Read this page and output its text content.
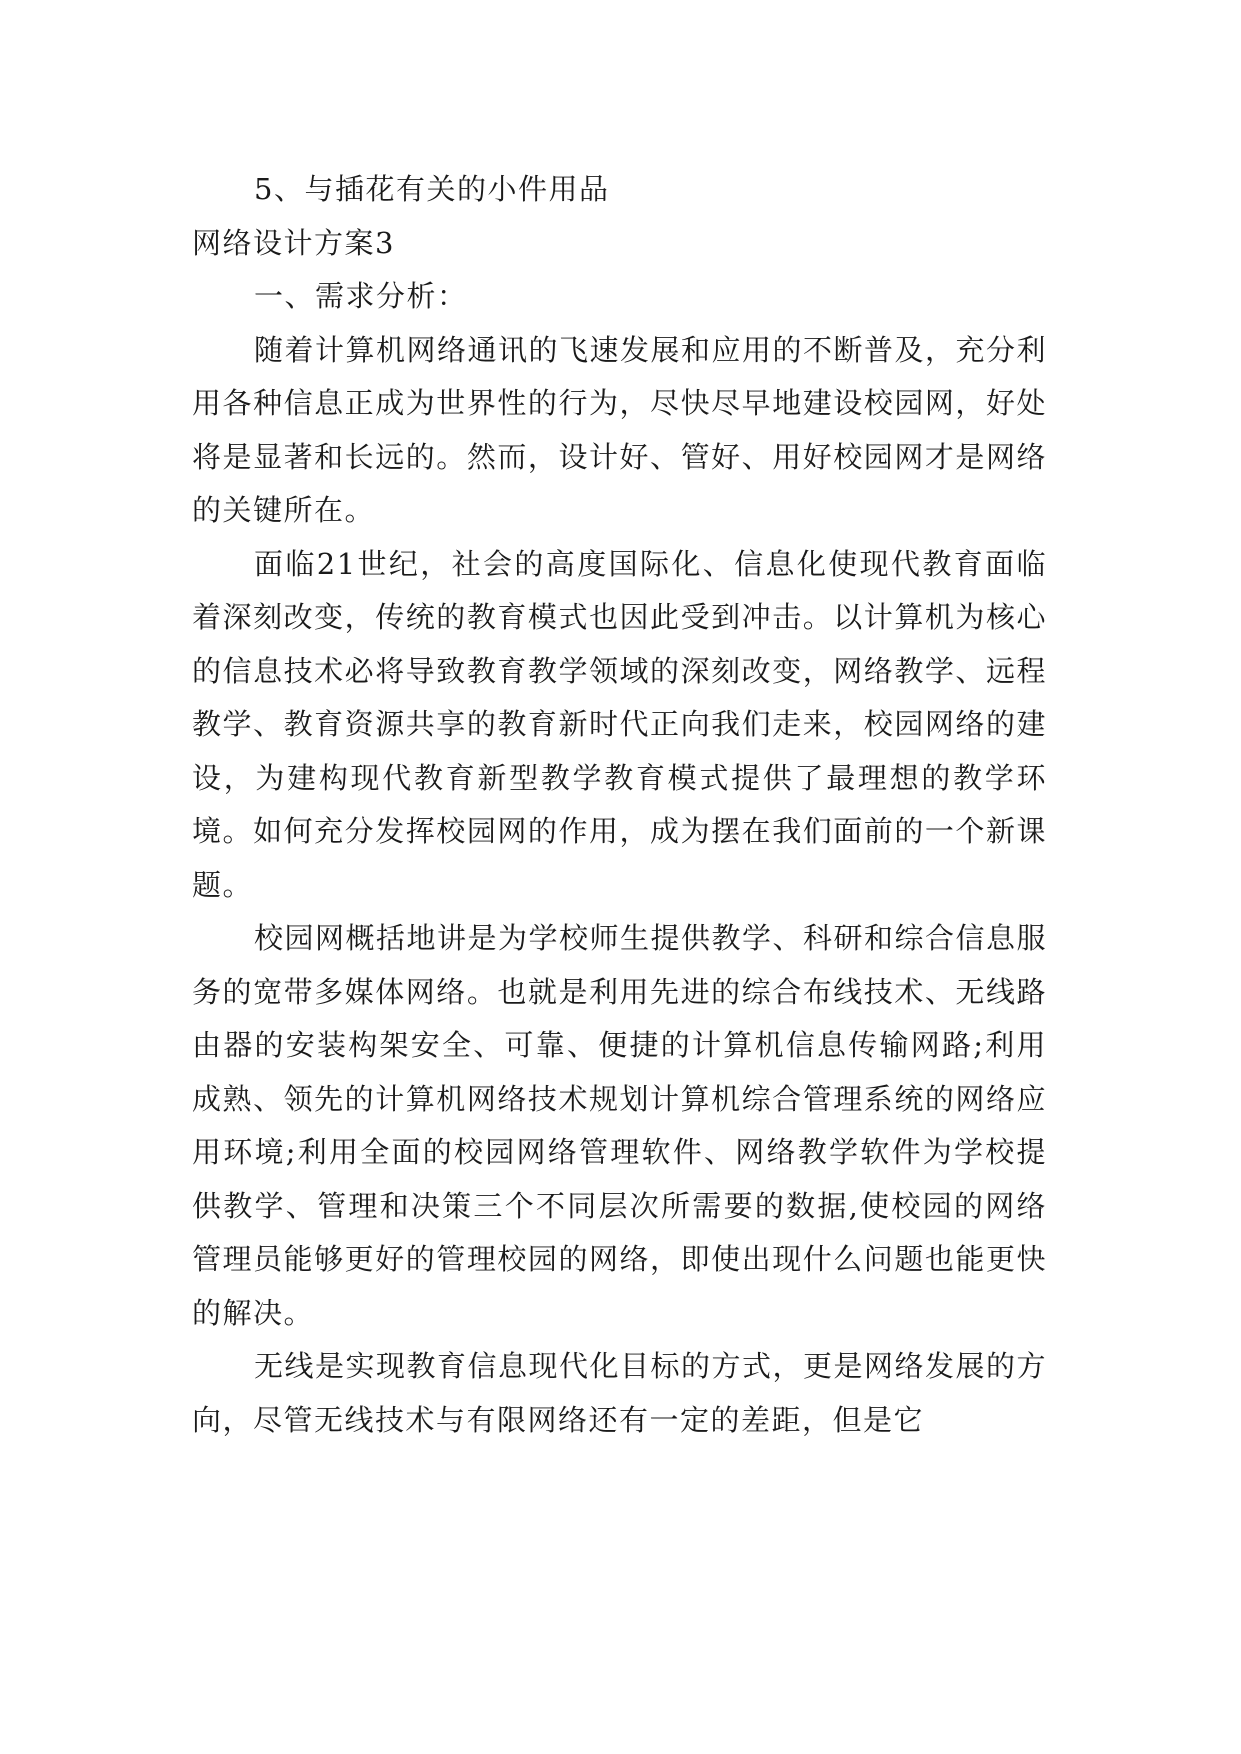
5、与插花有关的小件用品

网络设计方案3

一、需求分析：

随着计算机网络通讯的飞速发展和应用的不断普及，充分利用各种信息正成为世界性的行为，尽快尽早地建设校园网，好处将是显著和长远的。然而，设计好、管好、用好校园网才是网络的关键所在。

面临21世纪，社会的高度国际化、信息化使现代教育面临着深刻改变，传统的教育模式也因此受到冲击。以计算机为核心的信息技术必将导致教育教学领域的深刻改变，网络教学、远程教学、教育资源共享的教育新时代正向我们走来，校园网络的建设，为建构现代教育新型教学教育模式提供了最理想的教学环境。如何充分发挥校园网的作用，成为摆在我们面前的一个新课题。

校园网概括地讲是为学校师生提供教学、科研和综合信息服务的宽带多媒体网络。也就是利用先进的综合布线技术、无线路由器的安装构架安全、可靠、便捷的计算机信息传输网路;利用成熟、领先的计算机网络技术规划计算机综合管理系统的网络应用环境;利用全面的校园网络管理软件、网络教学软件为学校提供教学、管理和决策三个不同层次所需要的数据,使校园的网络管理员能够更好的管理校园的网络，即使出现什么问题也能更快的解决。

无线是实现教育信息现代化目标的方式，更是网络发展的方向，尽管无线技术与有限网络还有一定的差距，但是它
